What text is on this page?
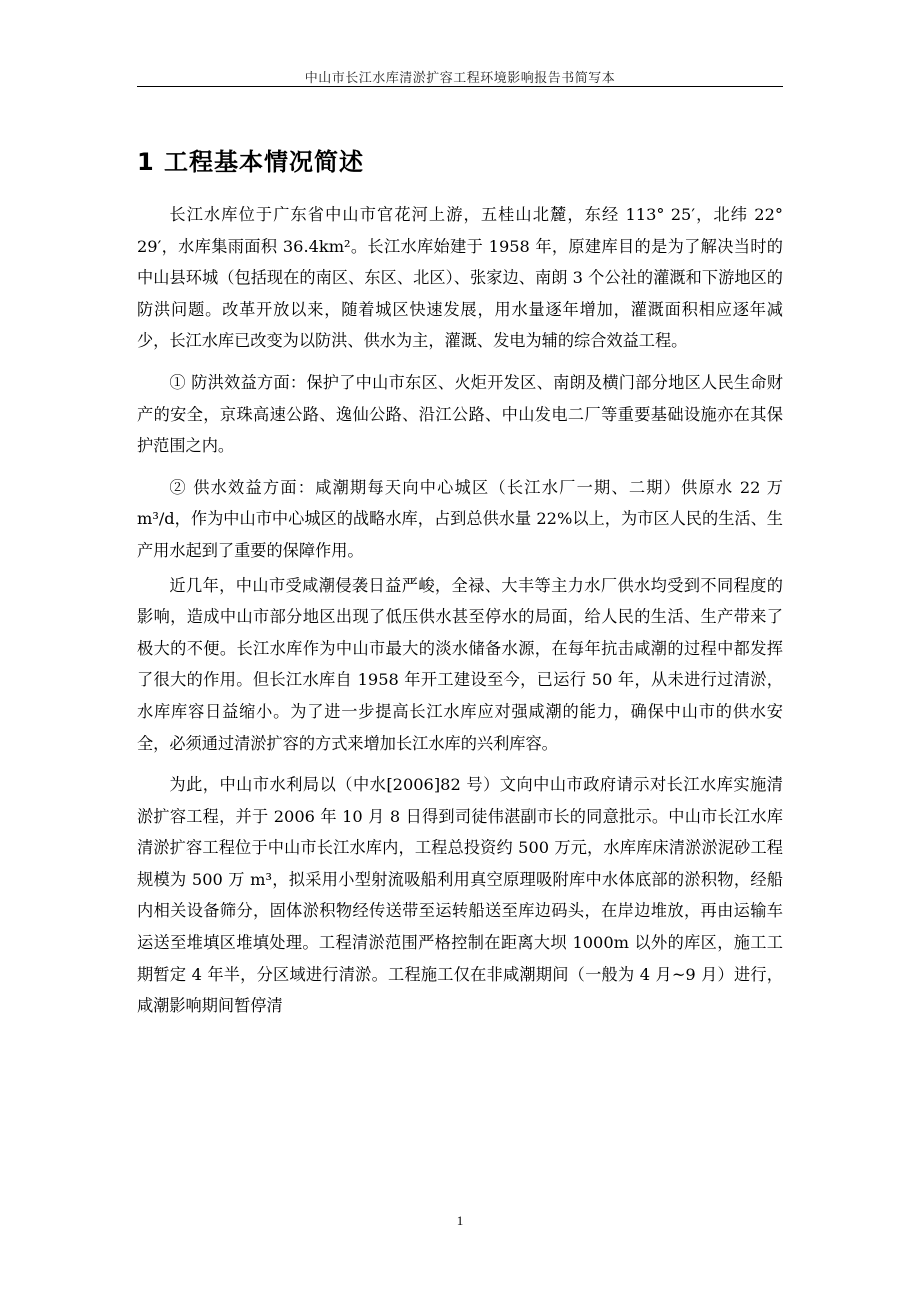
中山市长江水库清淤扩容工程环境影响报告书简写本
1 工程基本情况简述

长江水库位于广东省中山市官花河上游，五桂山北麓，东经 113° 25′，北纬 22° 29′，水库集雨面积 36.4km²。长江水库始建于 1958 年，原建库目的是为了解决当时的中山县环城（包括现在的南区、东区、北区）、张家边、南朗 3 个公社的灌溉和下游地区的防洪问题。改革开放以来，随着城区快速发展，用水量逐年增加，灌溉面积相应逐年减少，长江水库已改变为以防洪、供水为主，灌溉、发电为辅的综合效益工程。

① 防洪效益方面：保护了中山市东区、火炬开发区、南朗及横门部分地区人民生命财产的安全，京珠高速公路、逸仙公路、沿江公路、中山发电二厂等重要基础设施亦在其保护范围之内。

② 供水效益方面：咸潮期每天向中心城区（长江水厂一期、二期）供原水 22 万 m³/d，作为中山市中心城区的战略水库，占到总供水量 22%以上，为市区人民的生活、生产用水起到了重要的保障作用。

近几年，中山市受咸潮侵袭日益严峻，全禄、大丰等主力水厂供水均受到不同程度的影响，造成中山市部分地区出现了低压供水甚至停水的局面，给人民的生活、生产带来了极大的不便。长江水库作为中山市最大的淡水储备水源，在每年抗击咸潮的过程中都发挥了很大的作用。但长江水库自 1958 年开工建设至今，已运行 50 年，从未进行过清淤，水库库容日益缩小。为了进一步提高长江水库应对强咸潮的能力，确保中山市的供水安全，必须通过清淤扩容的方式来增加长江水库的兴利库容。

为此，中山市水利局以（中水[2006]82 号）文向中山市政府请示对长江水库实施清淤扩容工程，并于 2006 年 10 月 8 日得到司徒伟湛副市长的同意批示。中山市长江水库清淤扩容工程位于中山市长江水库内，工程总投资约 500 万元，水库库床清淤淤泥砂工程规模为 500 万 m³，拟采用小型射流吸船利用真空原理吸附库中水体底部的淤积物，经船内相关设备筛分，固体淤积物经传送带至运转船送至库边码头，在岸边堆放，再由运输车运送至堆填区堆填处理。工程清淤范围严格控制在距离大坝 1000m 以外的库区，施工工期暂定 4 年半，分区域进行清淤。工程施工仅在非咸潮期间（一般为 4 月~9 月）进行，咸潮影响期间暂停清

1
